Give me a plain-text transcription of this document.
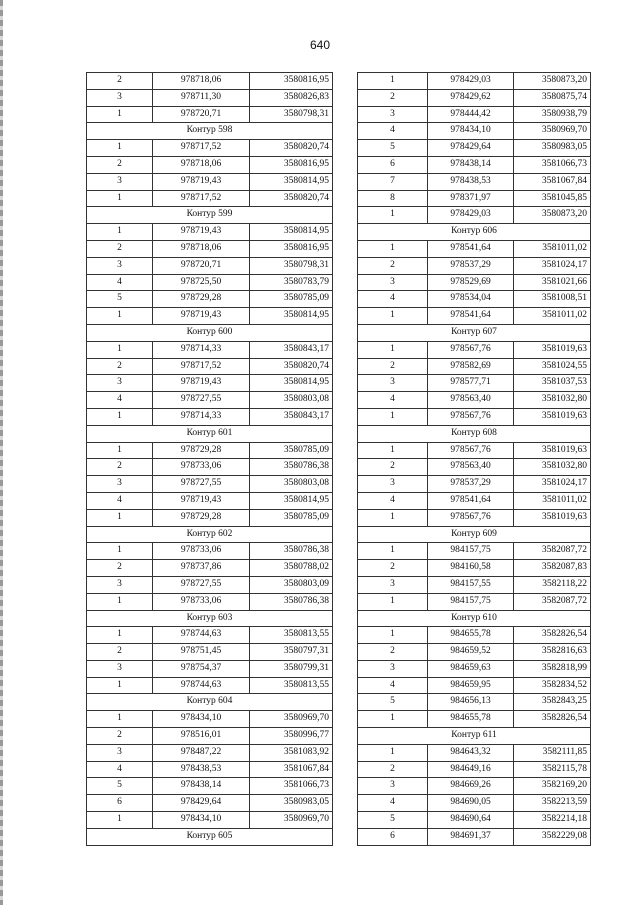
640
2	978718,06	3580816,95
3	978711,30	3580826,83
1	978720,71	3580798,31
Контур 598		
1	978717,52	3580820,74
2	978718,06	3580816,95
3	978719,43	3580814,95
1	978717,52	3580820,74
Контур 599		
1	978719,43	3580814,95
2	978718,06	3580816,95
3	978720,71	3580798,31
4	978725,50	3580783,79
5	978729,28	3580785,09
1	978719,43	3580814,95
Контур 600		
1	978714,33	3580843,17
2	978717,52	3580820,74
3	978719,43	3580814,95
4	978727,55	3580803,08
1	978714,33	3580843,17
Контур 601		
1	978729,28	3580785,09
2	978733,06	3580786,38
3	978727,55	3580803,08
4	978719,43	3580814,95
1	978729,28	3580785,09
Контур 602		
1	978733,06	3580786,38
2	978737,86	3580788,02
3	978727,55	3580803,09
1	978733,06	3580786,38
Контур 603		
1	978744,63	3580813,55
2	978751,45	3580797,31
3	978754,37	3580799,31
1	978744,63	3580813,55
Контур 604		
1	978434,10	3580969,70
2	978516,01	3580996,77
3	978487,22	3581083,92
4	978438,53	3581067,84
5	978438,14	3581066,73
6	978429,64	3580983,05
1	978434,10	3580969,70
Контур 605		
1	978429,03	3580873,20
2	978429,62	3580875,74
3	978444,42	3580938,79
4	978434,10	3580969,70
5	978429,64	3580983,05
6	978438,14	3581066,73
7	978438,53	3581067,84
8	978371,97	3581045,85
1	978429,03	3580873,20
Контур 606		
1	978541,64	3581011,02
2	978537,29	3581024,17
3	978529,69	3581021,66
4	978534,04	3581008,51
1	978541,64	3581011,02
Контур 607		
1	978567,76	3581019,63
2	978582,69	3581024,55
3	978577,71	3581037,53
4	978563,40	3581032,80
1	978567,76	3581019,63
Контур 608		
1	978567,76	3581019,63
2	978563,40	3581032,80
3	978537,29	3581024,17
4	978541,64	3581011,02
1	978567,76	3581019,63
Контур 609		
1	984157,75	3582087,72
2	984160,58	3582087,83
3	984157,55	3582118,22
1	984157,75	3582087,72
Контур 610		
1	984655,78	3582826,54
2	984659,52	3582816,63
3	984659,63	3582818,99
4	984659,95	3582834,52
5	984656,13	3582843,25
1	984655,78	3582826,54
Контур 611		
1	984643,32	3582111,85
2	984649,16	3582115,78
3	984669,26	3582169,20
4	984690,05	3582213,59
5	984690,64	3582214,18
6	984691,37	3582229,08
